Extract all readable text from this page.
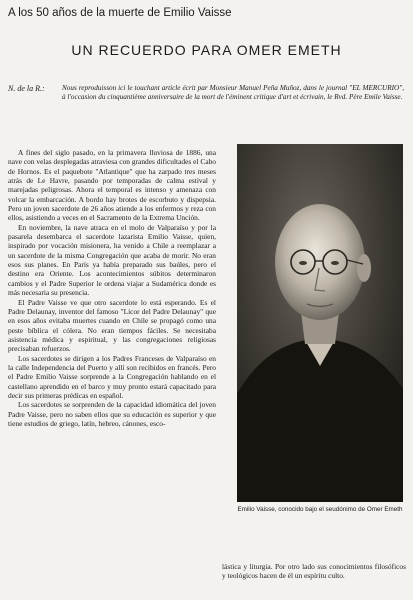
A los 50 años de la muerte de Emilio Vaisse
UN RECUERDO PARA OMER EMETH
N. de la R.:	Nous reproduisson ici le touchant article écrit par Monsieur Manuel Peña Muñoz, dans le journal "EL MERCURIO", à l'occasion du cinquantième anniversaire de la mort de l'éminent critique d'art et écrivain, le Rvd. Père Emile Vaisse.

A fines del siglo pasado, en la primavera lluviosa de 1886, una nave con velas desplegadas atraviesa con grandes dificultades el Cabo de Hornos. Es el paquebote "Atlantique" que ha zarpado tres meses atrás de Le Havre, pasando por temporadas de calma estival y marejadas peligrosas. Ahora el temporal es intenso y amenaza con volcar la embarcación. A bordo hay brotes de escorbuto y dispepsia. Pero un joven sacerdote de 26 años atiende a los enfermos y reza con ellos, asistiendo a veces en el Sacramento de la Extrema Unción.

En noviembre, la nave atraca en el molo de Valparaíso y por la pasarela desembarca el sacerdote lazarista Emilio Vaisse, quien, inspirado por vocación misionera, ha venido a Chile a reemplazar a un sacerdote de la misma Congregación que acaba de morir. No eran esos sus planes. En París ya había preparado sus baúles, pero el destino era Oriente. Los acontecimientos súbitos determinaron cambios y el Padre Superior le ordena viajar a Sudamérica donde es más necesaria su presencia.

El Padre Vaisse ve que otro sacerdote lo está esperando. Es el Padre Delaunay, inventor del famoso "Licor del Padre Delaunay" que en esos años evitaba muertes cuando en Chile se propagó como una peste bíblica el cólera. No eran tiempos fáciles. Se necesitaba asistencia médica y espiritual, y las congregaciones religiosas precisaban refuerzos.

Los sacerdotes se dirigen a los Padres Franceses de Valparaíso en la calle Independencia del Puerto y allí son recibidos en francés. Pero el Padre Emilio Vaisse sorprende a la Congregación hablando en el castellano aprendido en el barco y muy pronto estará capacitado para decir sus primeras prédicas en español.

Los sacerdotes se sorprenden de la capacidad idiomática del joven Padre Vaisse, pero no saben ellos que su educación es superior y que tiene estudios de griego, latín, hebreo, cánones, esco-

Emilio Vaisse, conocido bajo el seudónimo de Omer Emeth
lástica y liturgia. Por otro lado sus conocimientos filosóficos y teológicos hacen de él un espíritu culto.
